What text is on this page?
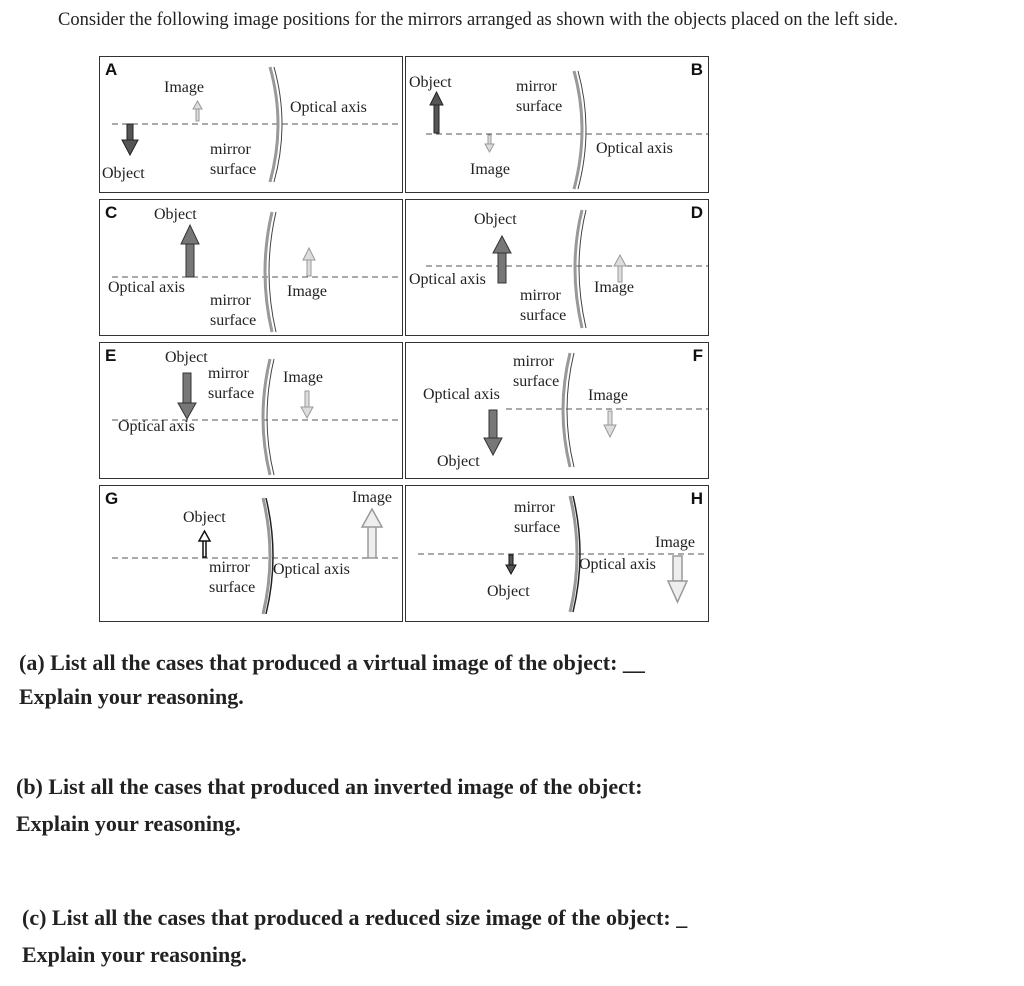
Consider the following image positions for the mirrors arranged as shown with the objects placed on the left side.
A
Image
Optical axis
mirror
surface
Object
B
Object	mirror
surface
Optical axis
Image
C Object
Optical axis
mirror
surface
Image
D
Object
Optical axis
mirror
surface
Image
E	Object
mirror
surface
Image
Optical axis
F
mirror
surface
Optical axis	Image
Object
G	Image
Object
mirror
surface
Optical axis
H
mirror
surface
Image
Optical axis
Object
(a) List all the cases that produced a virtual image of the object: __
Explain your reasoning.
(b) List all the cases that produced an inverted image of the object:
Explain your reasoning.
(c) List all the cases that produced a reduced size image of the object: _
Explain your reasoning.
